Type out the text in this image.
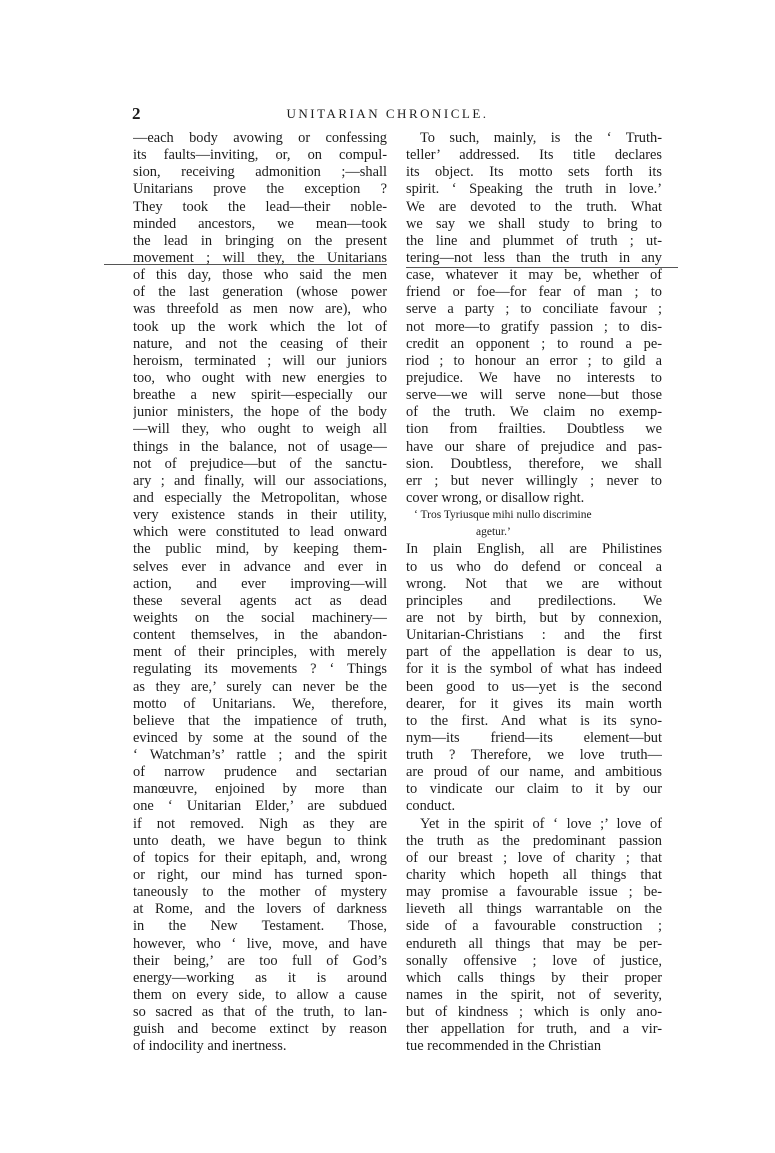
2	UNITARIAN CHRONICLE.
—each body avowing or confessing
its faults—inviting, or, on compul-
sion, receiving admonition ;—shall
Unitarians prove the exception ?
They took the lead—their noble-
minded ancestors, we mean—took
the lead in bringing on the present
movement ; will they, the Unitarians
of this day, those who said the men
of the last generation (whose power
was threefold as men now are), who
took up the work which the lot of
nature, and not the ceasing of their
heroism, terminated ; will our juniors
too, who ought with new energies to
breathe a new spirit—especially our
junior ministers, the hope of the body
—will they, who ought to weigh all
things in the balance, not of usage—
not of prejudice—but of the sanctu-
ary ; and finally, will our associations,
and especially the Metropolitan, whose
very existence stands in their utility,
which were constituted to lead onward
the public mind, by keeping them-
selves ever in advance and ever in
action, and ever improving—will
these several agents act as dead
weights on the social machinery—
content themselves, in the abandon-
ment of their principles, with merely
regulating its movements ? ‘ Things
as they are,’ surely can never be the
motto of Unitarians. We, therefore,
believe that the impatience of truth,
evinced by some at the sound of the
‘ Watchman’s’ rattle ; and the spirit
of narrow prudence and sectarian
manœuvre, enjoined by more than
one ‘ Unitarian Elder,’ are subdued
if not removed. Nigh as they are
unto death, we have begun to think
of topics for their epitaph, and, wrong
or right, our mind has turned spon-
taneously to the mother of mystery
at Rome, and the lovers of darkness
in the New Testament. Those,
however, who ‘ live, move, and have
their being,’ are too full of God’s
energy—working as it is around
them on every side, to allow a cause
so sacred as that of the truth, to lan-
guish and become extinct by reason
of indocility and inertness.
To such, mainly, is the ‘ Truth-
teller’ addressed. Its title declares
its object. Its motto sets forth its
spirit. ‘ Speaking the truth in love.’
We are devoted to the truth. What
we say we shall study to bring to
the line and plummet of truth ; ut-
tering—not less than the truth in any
case, whatever it may be, whether of
friend or foe—for fear of man ; to
serve a party ; to conciliate favour ;
not more—to gratify passion ; to dis-
credit an opponent ; to round a pe-
riod ; to honour an error ; to gild a
prejudice. We have no interests to
serve—we will serve none—but those
of the truth. We claim no exemp-
tion from frailties. Doubtless we
have our share of prejudice and pas-
sion. Doubtless, therefore, we shall
err ; but never willingly ; never to
cover wrong, or disallow right.
‘ Tros Tyriusque mihi nullo discrimine
agetur.’
In plain English, all are Philistines
to us who do defend or conceal a
wrong. Not that we are without
principles and predilections. We
are not by birth, but by connexion,
Unitarian-Christians : and the first
part of the appellation is dear to us,
for it is the symbol of what has indeed
been good to us—yet is the second
dearer, for it gives its main worth
to the first. And what is its syno-
nym—its friend—its element—but
truth ? Therefore, we love truth—
are proud of our name, and ambitious
to vindicate our claim to it by our
conduct.
Yet in the spirit of ‘ love ;’ love of
the truth as the predominant passion
of our breast ; love of charity ; that
charity which hopeth all things that
may promise a favourable issue ; be-
lieveth all things warrantable on the
side of a favourable construction ;
endureth all things that may be per-
sonally offensive ; love of justice,
which calls things by their proper
names in the spirit, not of severity,
but of kindness ; which is only ano-
ther appellation for truth, and a vir-
tue recommended in the Christian
